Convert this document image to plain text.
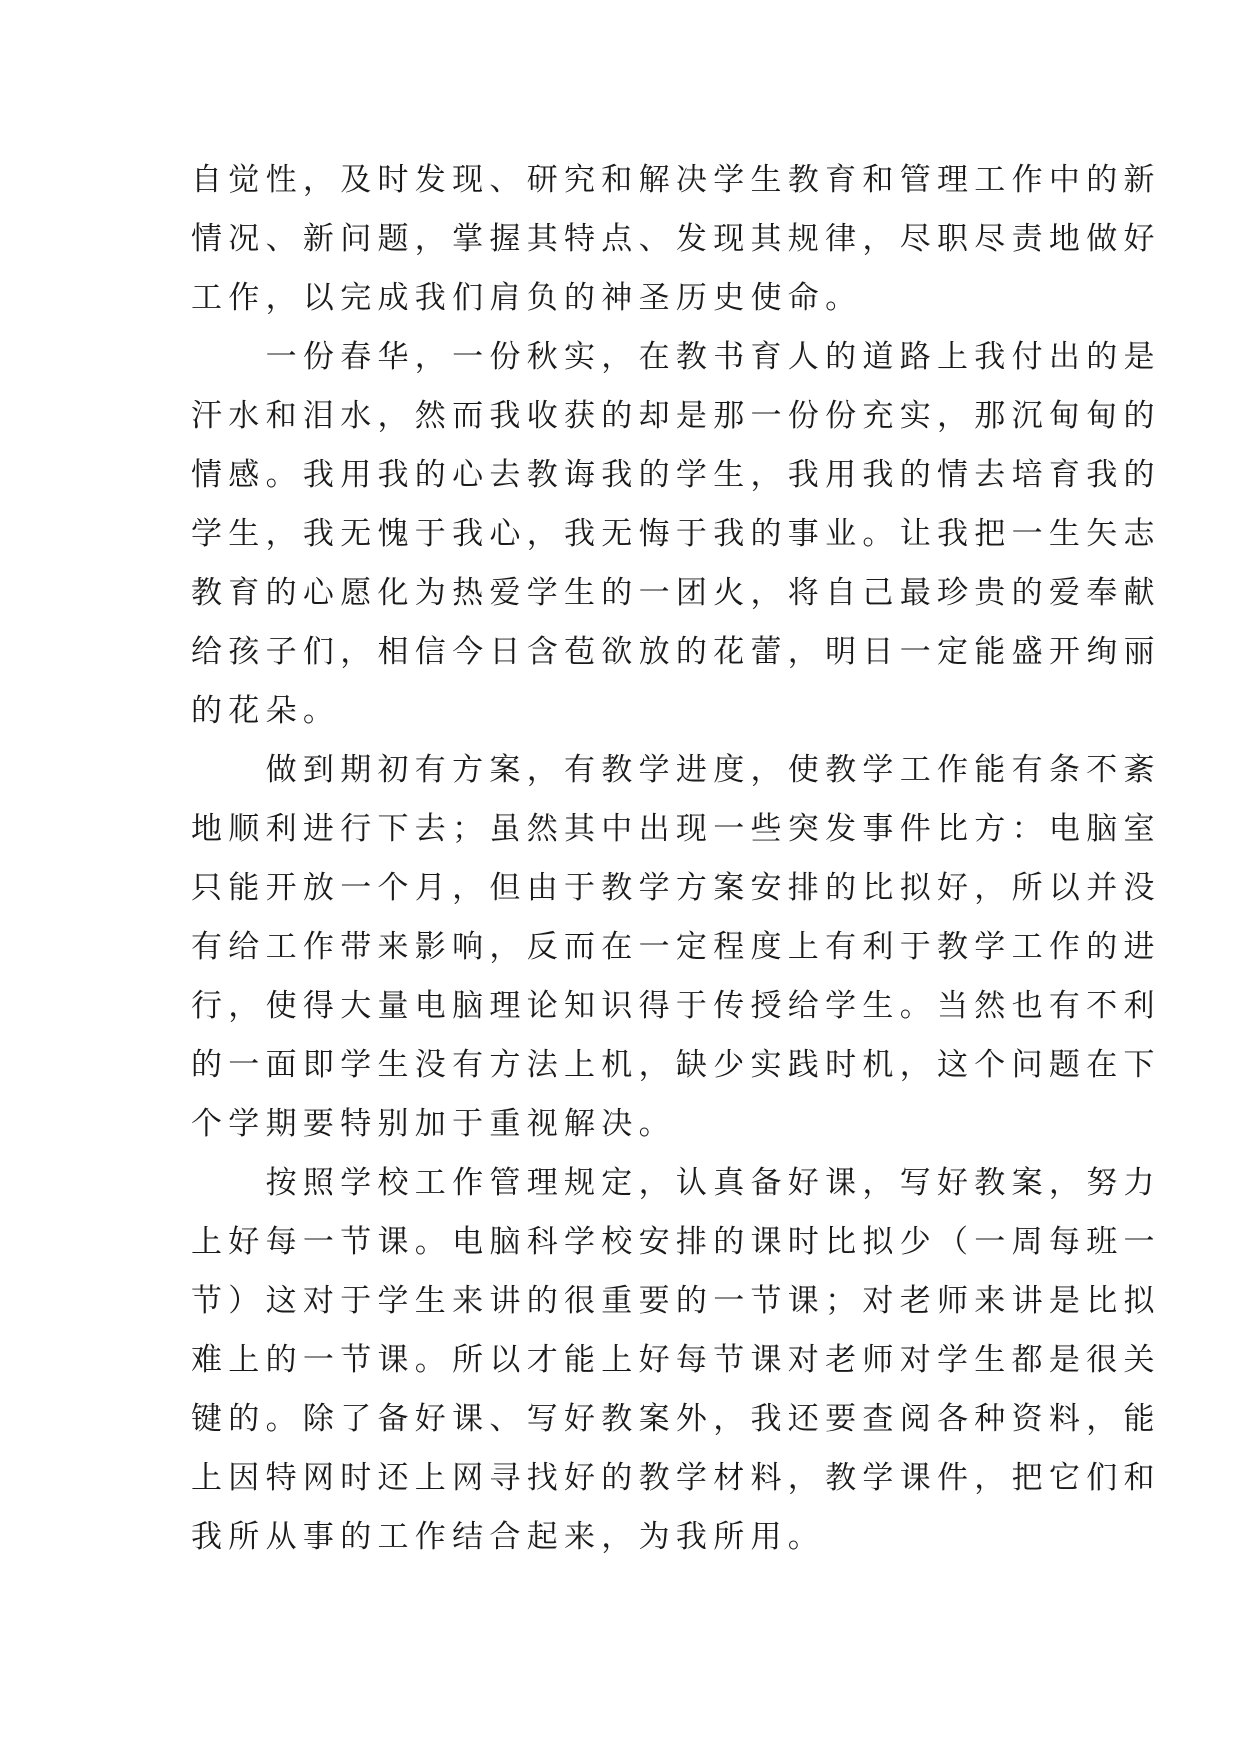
自觉性，及时发现、研究和解决学生教育和管理工作中的新
情况、新问题，掌握其特点、发现其规律，尽职尽责地做好
工作，以完成我们肩负的神圣历史使命。
　　一份春华，一份秋实，在教书育人的道路上我付出的是
汗水和泪水，然而我收获的却是那一份份充实，那沉甸甸的
情感。我用我的心去教诲我的学生，我用我的情去培育我的
学生，我无愧于我心，我无悔于我的事业。让我把一生矢志
教育的心愿化为热爱学生的一团火，将自己最珍贵的爱奉献
给孩子们，相信今日含苞欲放的花蕾，明日一定能盛开绚丽
的花朵。
　　做到期初有方案，有教学进度，使教学工作能有条不紊
地顺利进行下去；虽然其中出现一些突发事件比方：电脑室
只能开放一个月，但由于教学方案安排的比拟好，所以并没
有给工作带来影响，反而在一定程度上有利于教学工作的进
行，使得大量电脑理论知识得于传授给学生。当然也有不利
的一面即学生没有方法上机，缺少实践时机，这个问题在下
个学期要特别加于重视解决。
　　按照学校工作管理规定，认真备好课，写好教案，努力
上好每一节课。电脑科学校安排的课时比拟少（一周每班一
节）这对于学生来讲的很重要的一节课；对老师来讲是比拟
难上的一节课。所以才能上好每节课对老师对学生都是很关
键的。除了备好课、写好教案外，我还要查阅各种资料，能
上因特网时还上网寻找好的教学材料，教学课件，把它们和
我所从事的工作结合起来，为我所用。
